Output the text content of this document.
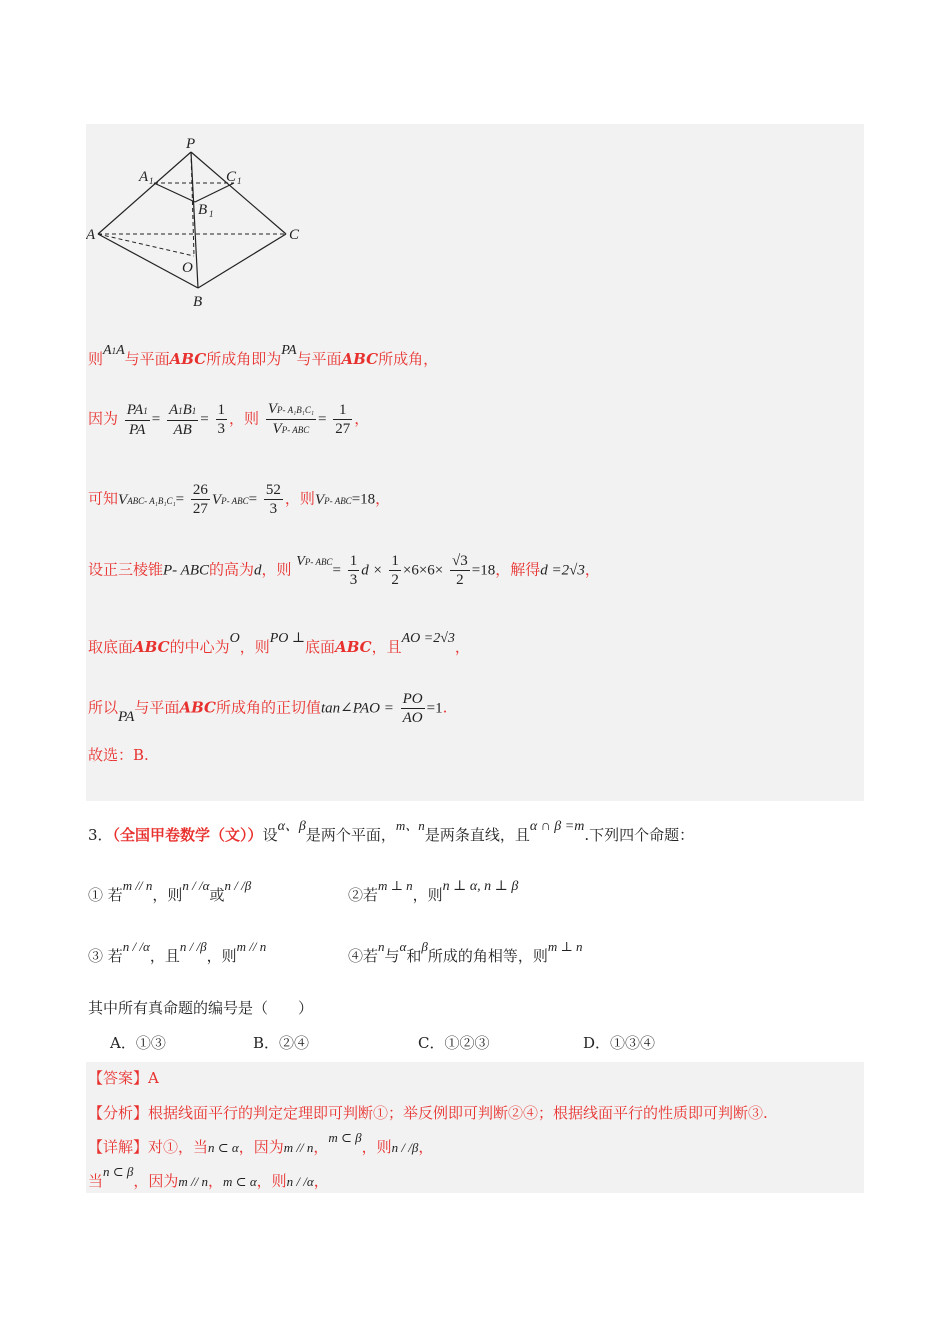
P
A 1	C 1
B 1
A	C
O
B
则A1A与平面ABC所成角即为PA与平面ABC所成角，
因为 $\frac{PA1}{PA} = \frac{A1B1}{AB} = \frac{1}{3}$ ，则 $\frac{\text{VP- A₁B₁C₁}}{\text{VP- ABC}} = \frac{1}{27}$ ，
可知VABC- $A_1B_1C_1= \frac{26}{27} VP-$ $ABC= \frac{52}{3}$ ，则VP- ABC=18，
设正三棱锥P- ABC的高为d，则 VP- $ABC= \frac{1}{3}$ $d \times \frac{1}{2} \times 6\times 6\times \frac{√3}{2} =18$，解得d =2√3，
取底面ABC的中心为O，则PO ⊥底面ABC，且AO =2√3，
所以PA与平面ABC所成角的正切值tan∠PAO = $\frac{PO}{AO} =1$.
故选：B.
3．（全国甲卷数学（文））设α、β是两个平面，m、n是两条直线，且α ∩ β =m.下列四个命题：
① 若m // n，则n / /α或n / /β
②若m ⊥ n，则n ⊥ α, n ⊥ β
③ 若n / /α，且n / /β，则m // n
④若n与α和β所成的角相等，则m ⊥ n
其中所有真命题的编号是（　　）
A．①③	B．②④	C．①②③	D．①③④
【答案】A
【分析】根据线面平行的判定定理即可判断①；举反例即可判断②④；根据线面平行的性质即可判断③.
【详解】对①，当n ⊂ α，因为m // n，m ⊂ β，则n / /β，
当n ⊂ β，因为m // n，m ⊂ α，则n / /α，
